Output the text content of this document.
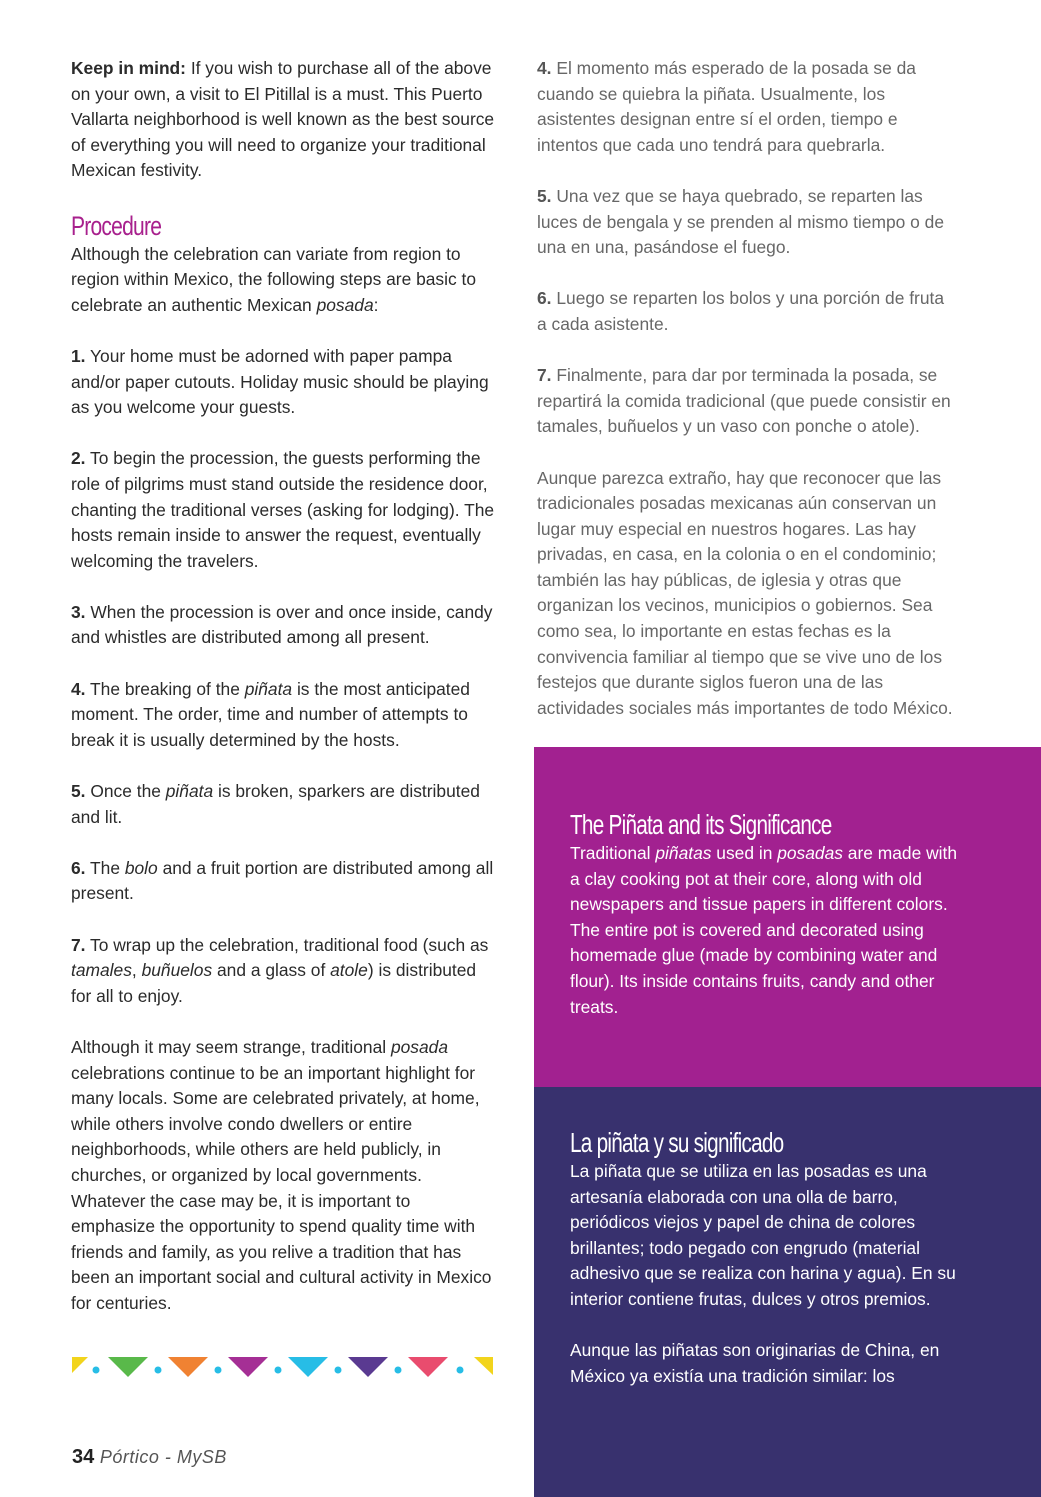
Keep in mind: If you wish to purchase all of the above on your own, a visit to El Pitillal is a must. This Puerto Vallarta neighborhood is well known as the best source of everything you will need to organize your traditional Mexican festivity.

Procedure

Although the celebration can variate from region to region within Mexico, the following steps are basic to celebrate an authentic Mexican posada:

1. Your home must be adorned with paper pampa and/or paper cutouts. Holiday music should be playing as you welcome your guests.

2. To begin the procession, the guests performing the role of pilgrims must stand outside the residence door, chanting the traditional verses (asking for lodging). The hosts remain inside to answer the request, eventually welcoming the travelers.

3. When the procession is over and once inside, candy and whistles are distributed among all present.

4. The breaking of the piñata is the most anticipated moment. The order, time and number of attempts to break it is usually determined by the hosts.

5. Once the piñata is broken, sparkers are distributed and lit.

6. The bolo and a fruit portion are distributed among all present.

7. To wrap up the celebration, traditional food (such as tamales, buñuelos and a glass of atole) is distributed for all to enjoy.

Although it may seem strange, traditional posada celebrations continue to be an important highlight for many locals. Some are celebrated privately, at home, while others involve condo dwellers or entire neighborhoods, while others are held publicly, in churches, or organized by local governments. Whatever the case may be, it is important to emphasize the opportunity to spend quality time with friends and family, as you relive a tradition that has been an important social and cultural activity in Mexico for centuries.

4. El momento más esperado de la posada se da cuando se quiebra la piñata. Usualmente, los asistentes designan entre sí el orden, tiempo e intentos que cada uno tendrá para quebrarla.

5. Una vez que se haya quebrado, se reparten las luces de bengala y se prenden al mismo tiempo o de una en una, pasándose el fuego.

6. Luego se reparten los bolos y una porción de fruta a cada asistente.

7. Finalmente, para dar por terminada la posada, se repartirá la comida tradicional (que puede consistir en tamales, buñuelos y un vaso con ponche o atole).

Aunque parezca extraño, hay que reconocer que las tradicionales posadas mexicanas aún conservan un lugar muy especial en nuestros hogares. Las hay privadas, en casa, en la colonia o en el condominio; también las hay públicas, de iglesia y otras que organizan los vecinos, municipios o gobiernos. Sea como sea, lo importante en estas fechas es la convivencia familiar al tiempo que se vive uno de los festejos que durante siglos fueron una de las actividades sociales más importantes de todo México.

The Piñata and its Significance

Traditional piñatas used in posadas are made with a clay cooking pot at their core, along with old newspapers and tissue papers in different colors. The entire pot is covered and decorated using homemade glue (made by combining water and flour). Its inside contains fruits, candy and other treats.

La piñata y su significado

La piñata que se utiliza en las posadas es una artesanía elaborada con una olla de barro, periódicos viejos y papel de china de colores brillantes; todo pegado con engrudo (material adhesivo que se realiza con harina y agua). En su interior contiene frutas, dulces y otros premios.

Aunque las piñatas son originarias de China, en México ya existía una tradición similar: los

34 Pórtico - MySB
